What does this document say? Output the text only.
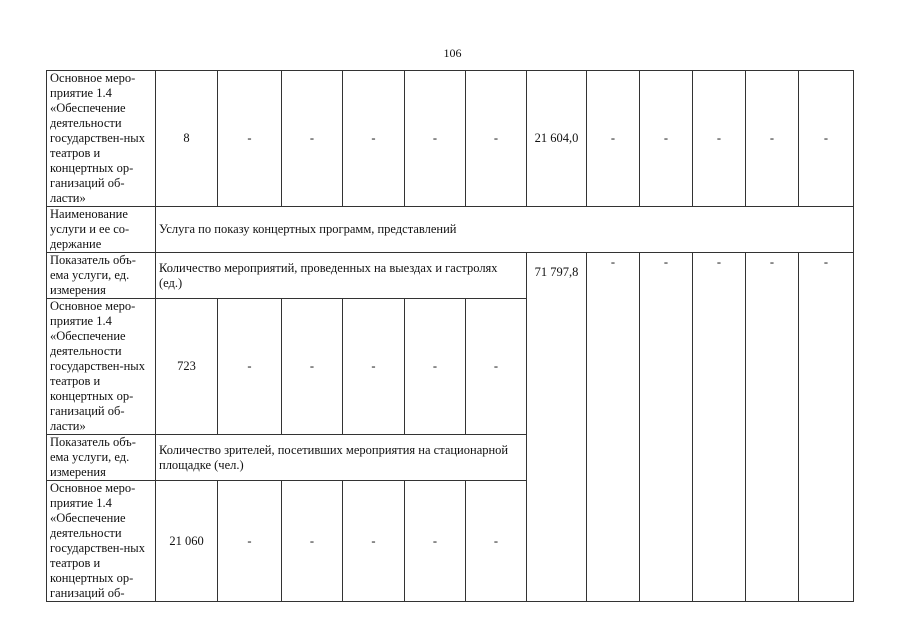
106
Основное меро-приятие 1.4 «Обеспечение деятельности государствен-ных театров и концертных ор-ганизаций об-ласти»	8	-	-	-	-	-	21 604,0	-	-	-	-	-
Наименование услуги и ее со-держание	Услуга по показу концертных программ, представлений											
Показатель объ-ема услуги, ед. измерения	Количество мероприятий, проведенных на выездах и гастролях (ед.)						71 797,8	-	-	-	-	-
Основное меро-приятие 1.4 «Обеспечение деятельности государствен-ных театров и концертных ор-ганизаций об-ласти»	723	-	-	-	-	-						
Показатель объ-ема услуги, ед. измерения	Количество зрителей, посетивших мероприятия на стационарной площадке (чел.)											
Основное меро-приятие 1.4 «Обеспечение деятельности государствен-ных театров и концертных ор-ганизаций об-	21 060	-	-	-	-	-						
